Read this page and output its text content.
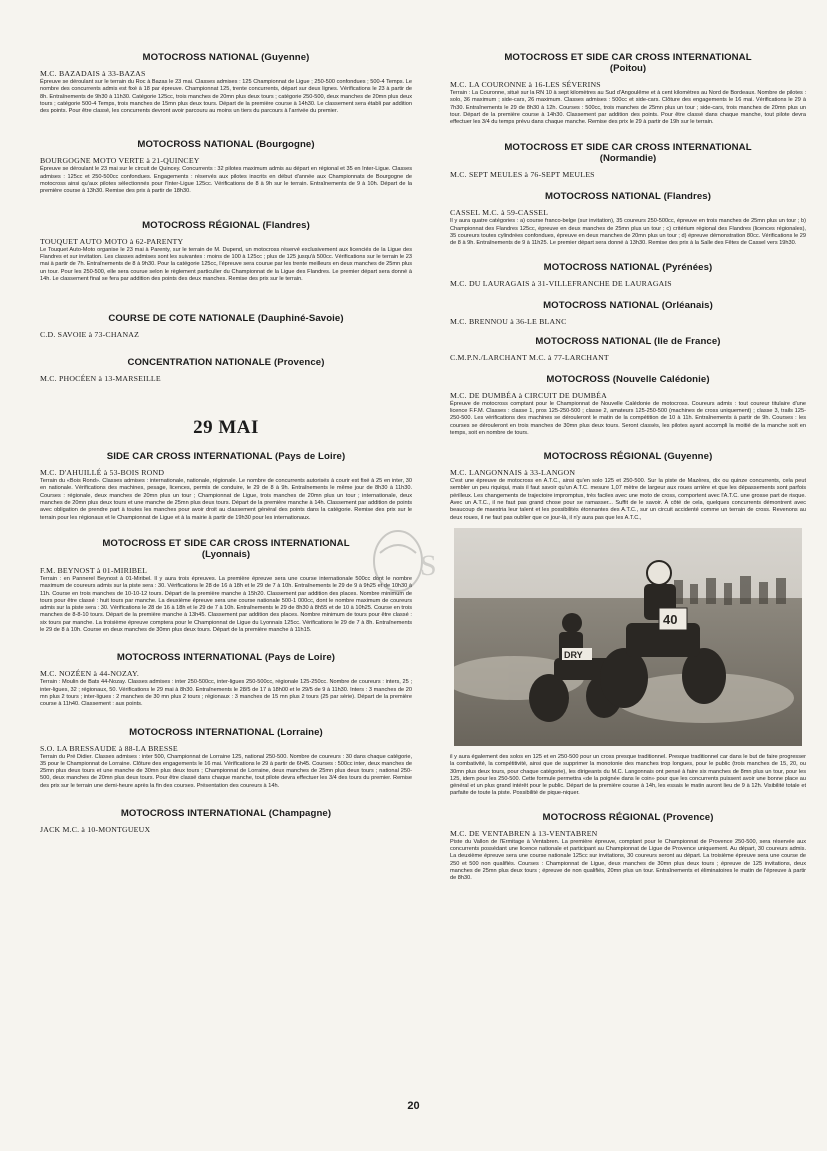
MOTOCROSS NATIONAL (Guyenne)

M.C. BAZADAIS à 33-BAZAS

Épreuve se déroulant sur le terrain du Roc à Bazas le 23 mai. Classes admises : 125 Championnat de Ligue ; 250-500 confondues ; 500-4 Temps. Le nombre des concurrents admis est fixé à 18 par épreuve. Championnat 125, trente concurrents, départ sur deux lignes. Vérifications le 23 à partir de 8h. Entraînements de 9h30 à 11h30. Catégorie 125cc, trois manches de 20mn plus deux tours ; catégorie 250-500, deux manches de 20mn plus deux tours ; catégorie 500-4 Temps, trois manches de 15mn plus deux tours. Départ de la première course à 14h30. Le classement sera établi par addition des points. Pour être classé, les concurrents devront avoir parcouru au moins un tiers du parcours à l'arrivée du premier.

MOTOCROSS NATIONAL (Bourgogne)

BOURGOGNE MOTO VERTE à 21-QUINCEY

Épreuve se déroulant le 23 mai sur le circuit de Quincey. Concurrents : 32 pilotes maximum admis au départ en régional et 35 en Inter-Ligue. Classes admises : 125cc et 250-500cc confondues. Engagements : réservés aux pilotes inscrits en début d'année aux Championnats de Bourgogne de motocross ainsi qu'aux pilotes sélectionnés pour l'Inter-Ligue 125cc. Vérifications de 8 à 9h sur le terrain. Entraînements de 9 à 10h. Départ de la première course à 13h30. Remise des prix à partir de 18h30.

MOTOCROSS RÉGIONAL (Flandres)

TOUQUET AUTO MOTO à 62-PARENTY

Le Touquet Auto-Moto organise le 23 mai à Parenty, sur le terrain de M. Dupend, un motocross réservé exclusivement aux licenciés de la Ligue des Flandres et sur invitation. Les classes admises sont les suivantes : moins de 100 à 125cc ; plus de 125 jusqu'à 500cc. Vérifications sur le terrain le 23 mai à partir de 7h. Entraînements de 8 à 9h30. Pour la catégorie 125cc, l'épreuve sera courue par les trente meilleurs en deux manches de 25mn plus un tour. Pour les 250-500, elle sera courue selon le règlement particulier du Championnat de la Ligue des Flandres. Le premier départ sera donné à 14h. Le classement final se fera par addition des points des deux manches. Remise des prix sur le terrain.

COURSE DE COTE NATIONALE (Dauphiné-Savoie)

C.D. SAVOIE à 73-CHANAZ

CONCENTRATION NATIONALE (Provence)

M.C. PHOCÉEN à 13-MARSEILLE

29 MAI

SIDE CAR CROSS INTERNATIONAL (Pays de Loire)

M.C. D'AHUILLÉ à 53-BOIS ROND

Terrain du «Bois Rond». Classes admises : internationale, nationale, régionale. Le nombre de concurrents autorisés à courir est fixé à 25 en inter, 30 en nationale. Vérifications des machines, pesage, licences, permis de conduire, le 29 de 8 à 9h. Entraînements le même jour de 8h30 à 11h30. Courses : régionale, deux manches de 20mn plus un tour ; Championnat de Ligue, trois manches de 20mn plus un tour ; internationale, deux manches de 20mn plus deux tours et une manche de 25mn plus deux tours. Départ de la première manche à 14h. Classement par addition de points avec obligation de prendre part à toutes les manches pour avoir droit au classement général des points dans la catégorie. Remise des prix sur le terrain pour les régionaux et le Championnat de Ligue et à la mairie à partir de 19h30 pour les internationaux.

MOTOCROSS ET SIDE CAR CROSS INTERNATIONAL

(Lyonnais)

F.M. BEYNOST à 01-MIRIBEL

Terrain : en Pannerel Beynost à 01-Miribel. Il y aura trois épreuves. La première épreuve sera une course internationale 500cc dont le nombre maximum de coureurs admis sur la piste sera : 30. Vérifications le 28 de 16 à 18h et le 29 de 7 à 10h. Entraînements le 29 de 9 à 9h25 et de 10h30 à 11h. Course en trois manches de 10-10-12 tours. Départ de la première manche à 15h20. Classement par addition des places. Nombre minimum de tours pour être classé : huit tours par manche. La deuxième épreuve sera une course nationale 500-1 000cc, dont le nombre maximum de coureurs admis sur la piste sera : 30. Vérifications le 28 de 16 à 18h et le 29 de 7 à 10h. Entraînements le 29 de 8h30 à 8h55 et de 10 à 10h25. Course en trois manches de 8-8-10 tours. Départ de la première manche à 13h45. Classement par addition des places. Nombre minimum de tours pour être classé : six tours par manche. La troisième épreuve comptera pour le Championnat de Ligue du Lyonnais 125cc. Vérifications le 29 de 7 à 8h. Entraînements le 29 de 8 à 10h. Course en deux manches de 30mn plus deux tours. Départ de la première manche à 11h15.

MOTOCROSS INTERNATIONAL (Pays de Loire)

M.C. NOZÉEN à 44-NOZAY.

Terrain : Moulin de Bats 44-Nozay. Classes admises : inter 250-500cc, inter-ligues 250-500cc, régionale 125-250cc. Nombre de coureurs : inters, 25 ; inter-ligues, 32 ; régionaux, 50. Vérifications le 29 mai à 8h30. Entraînements le 28/5 de 17 à 18h00 et le 29/5 de 9 à 11h30. Inters : 3 manches de 20 mn plus 2 tours ; inter-ligues : 2 manches de 30 mn plus 2 tours ; régionaux : 3 manches de 15 mn plus 2 tours (25 par série). Départ de la première course à 11h40. Classement : aux points.

MOTOCROSS INTERNATIONAL (Lorraine)

S.O. LA BRESSAUDE à 88-LA BRESSE

Terrain du Pré Didier. Classes admises : inter 500, Championnat de Lorraine 125, national 250-500. Nombre de coureurs : 30 dans chaque catégorie, 35 pour le Championnat de Lorraine. Clôture des engagements le 16 mai. Vérifications le 29 à partir de 6h45. Courses : 500cc inter, deux manches de 25mn plus deux tours et une manche de 30mn plus deux tours ; Championnat de Lorraine, deux manches de 25mn plus deux tours ; national 250-500, deux manches de 20mn plus deux tours. Pour être classé dans chaque manche, tout pilote devra effectuer les 3/4 des tours du premier. Remise des prix sur le terrain une demi-heure après la fin des courses. Présentation des coureurs à 14h.

MOTOCROSS INTERNATIONAL (Champagne)

JACK M.C. à 10-MONTGUEUX

MOTOCROSS ET SIDE CAR CROSS INTERNATIONAL

(Poitou)

M.C. LA COURONNE à 16-LES SÉVERINS

Terrain : La Couronne, situé sur la RN 10 à sept kilomètres au Sud d'Angoulême et à cent kilomètres au Nord de Bordeaux. Nombre de pilotes : solo, 36 maximum ; side-cars, 26 maximum. Classes admises : 500cc et side-cars. Clôture des engagements le 16 mai. Vérifications le 29 à 7h30. Entraînements le 29 de 8h30 à 12h. Courses : 500cc, trois manches de 25mn plus un tour ; side-cars, trois manches de 20mn plus un tour. Départ de la première course à 14h30. Classement par addition des points. Pour être classé dans chaque manche, tout pilote devra effectuer les 3/4 du temps prévu dans chaque manche. Remise des prix le 29 à partir de 19h sur le terrain.

MOTOCROSS ET SIDE CAR CROSS INTERNATIONAL

(Normandie)

M.C. SEPT MEULES à 76-SEPT MEULES

MOTOCROSS NATIONAL (Flandres)

CASSEL M.C. à 59-CASSEL

Il y aura quatre catégories : a) course franco-belge (sur invitation), 35 coureurs 250-500cc, épreuve en trois manches de 25mn plus un tour ; b) Championnat des Flandres 125cc, épreuve en deux manches de 25mn plus un tour ; c) critérium régional des Flandres (licences régionales), 35 coureurs toutes cylindrées confondues, épreuve en deux manches de 20mn plus un tour ; d) épreuve démonstration 80cc. Vérifications le 29 de 8 à 9h. Entraînements de 9 à 11h25. Le premier départ sera donné à 13h30. Remise des prix à la Salle des Fêtes de Cassel vers 19h30.

MOTOCROSS NATIONAL (Pyrénées)

M.C. DU LAURAGAIS à 31-VILLEFRANCHE DE LAURAGAIS

MOTOCROSS NATIONAL (Orléanais)

M.C. BRENNOU à 36-LE BLANC

MOTOCROSS NATIONAL (Ile de France)

C.M.P.N./LARCHANT M.C. à 77-LARCHANT

MOTOCROSS (Nouvelle Calédonie)

M.C. DE DUMBÉA à CIRCUIT DE DUMBÉA

Épreuve de motocross comptant pour le Championnat de Nouvelle Calédonie de motocross. Coureurs admis : tout coureur titulaire d'une licence F.F.M. Classes : classe 1, pros 125-250-500 ; classe 2, amateurs 125-250-500 (machines de cross uniquement) ; classe 3, trails 125-250-500. Les vérifications des machines se dérouleront le matin de la compétition de 10 à 11h. Entraînements à partir de 9h. Courses : les courses se dérouleront en trois manches de 30mn plus deux tours. Seront classés, les pilotes ayant accompli la moitié de la manche soit en temps, soit en nombre de tours.

MOTOCROSS RÉGIONAL (Guyenne)

M.C. LANGONNAIS à 33-LANGON

C'est une épreuve de motocross en A.T.C., ainsi qu'en solo 125 et 250-500. Sur la piste de Mazères, dix ou quinze concurrents, cela peut sembler un peu riquiqui, mais il faut savoir qu'un A.T.C. mesure 1,07 mètre de largeur aux roues arrière et que les dépassements sont parfois périlleux. Les changements de trajectoire impromptus, très faciles avec une moto de cross, comportent avec l'A.T.C. une grosse part de risque. Avec un A.T.C., il ne faut pas grand chose pour se ramasser... Suffit de le savoir. À côté de cela, quelques concurrents démontrent avec beaucoup de maestria leur talent et les possibilités étonnantes des A.T.C., sur un circuit accidenté comme un terrain de cross. Revenons au deux roues, il ne faut pas oublier que ce jour-là, il n'y aura pas que les A.T.C.,

DRY
40

il y aura également des solos en 125 et en 250-500 pour un cross presque traditionnel. Presque traditionnel car dans le but de faire progresser la combativité, la compétitivité, ainsi que de supprimer la monotonie des manches trop longues, pour le public (trois manches de 15, 20, ou 30mn plus deux tours, pour chaque catégorie), les dirigeants du M.C. Langonnais ont pensé à faire six manches de 8mn plus un tour, pour les 125, idem pour les 250-500. Cette formule permettra «de la poignée dans le coin» pour que les concurrents puissent avoir une bonne place au général et un plus grand intérêt pour le public. Départ de la première course à 14h, les essais le matin auront lieu de 9 à 12h. Visibilité totale et parfaite de toute la piste. Possibilité de pique-niquer.

MOTOCROSS RÉGIONAL (Provence)

M.C. DE VENTABREN à 13-VENTABREN

Piste du Vallon de l'Ermitage à Ventabren. La première épreuve, comptant pour le Championnat de Provence 250-500, sera réservée aux concurrents possédant une licence nationale et participant au Championnat de Ligue de Provence uniquement. Au départ, 30 coureurs admis. La deuxième épreuve sera une course nationale 125cc sur invitations, 30 coureurs seront au départ. La troisième épreuve sera une course de 250 et 500 non qualifiés. Courses : Championnat de Ligue, deux manches de 30mn plus deux tours ; épreuve de 125 invitations, deux manches de 25mn plus deux tours ; épreuve de non qualifiés, 20mn plus un tour. Entraînements et éliminatoires le matin de l'épreuve à partir de 8h30.

S
20
